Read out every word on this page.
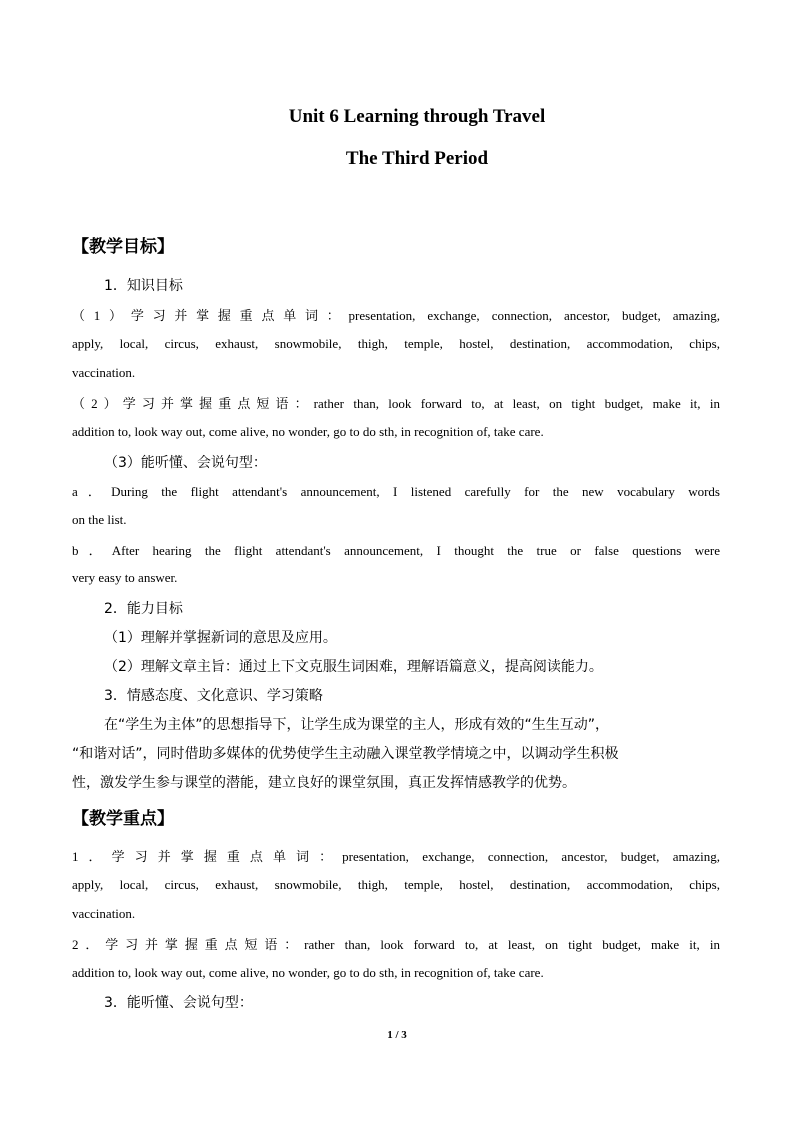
Unit 6 Learning through Travel
The Third Period
【教学目标】
1．知识目标
（1）学习并掌握重点单词：presentation, exchange, connection, ancestor, budget, amazing,
apply, local, circus, exhaust, snowmobile, thigh, temple, hostel, destination, accommodation, chips,
vaccination.
（2）学习并掌握重点短语：rather than, look forward to, at least, on tight budget, make it, in
addition to, look way out, come alive, no wonder, go to do sth, in recognition of, take care.
（3）能听懂、会说句型：
a．During the flight attendant's announcement, I listened carefully for the new vocabulary words
on the list.
b．After hearing the flight attendant's announcement, I thought the true or false questions were
very easy to answer.
2．能力目标
（1）理解并掌握新词的意思及应用。
（2）理解文章主旨：通过上下文克服生词困难，理解语篇意义，提高阅读能力。
3．情感态度、文化意识、学习策略
在“学生为主体”的思想指导下，让学生成为课堂的主人，形成有效的“生生互动”，
“和谐对话”，同时借助多媒体的优势使学生主动融入课堂教学情境之中，以调动学生积极
性，激发学生参与课堂的潜能，建立良好的课堂氛围，真正发挥情感教学的优势。
【教学重点】
1．学习并掌握重点单词：presentation, exchange, connection, ancestor, budget, amazing,
apply, local, circus, exhaust, snowmobile, thigh, temple, hostel, destination, accommodation, chips,
vaccination.
2．学习并掌握重点短语：rather than, look forward to, at least, on tight budget, make it, in
addition to, look way out, come alive, no wonder, go to do sth, in recognition of, take care.
3．能听懂、会说句型：
1 / 3
